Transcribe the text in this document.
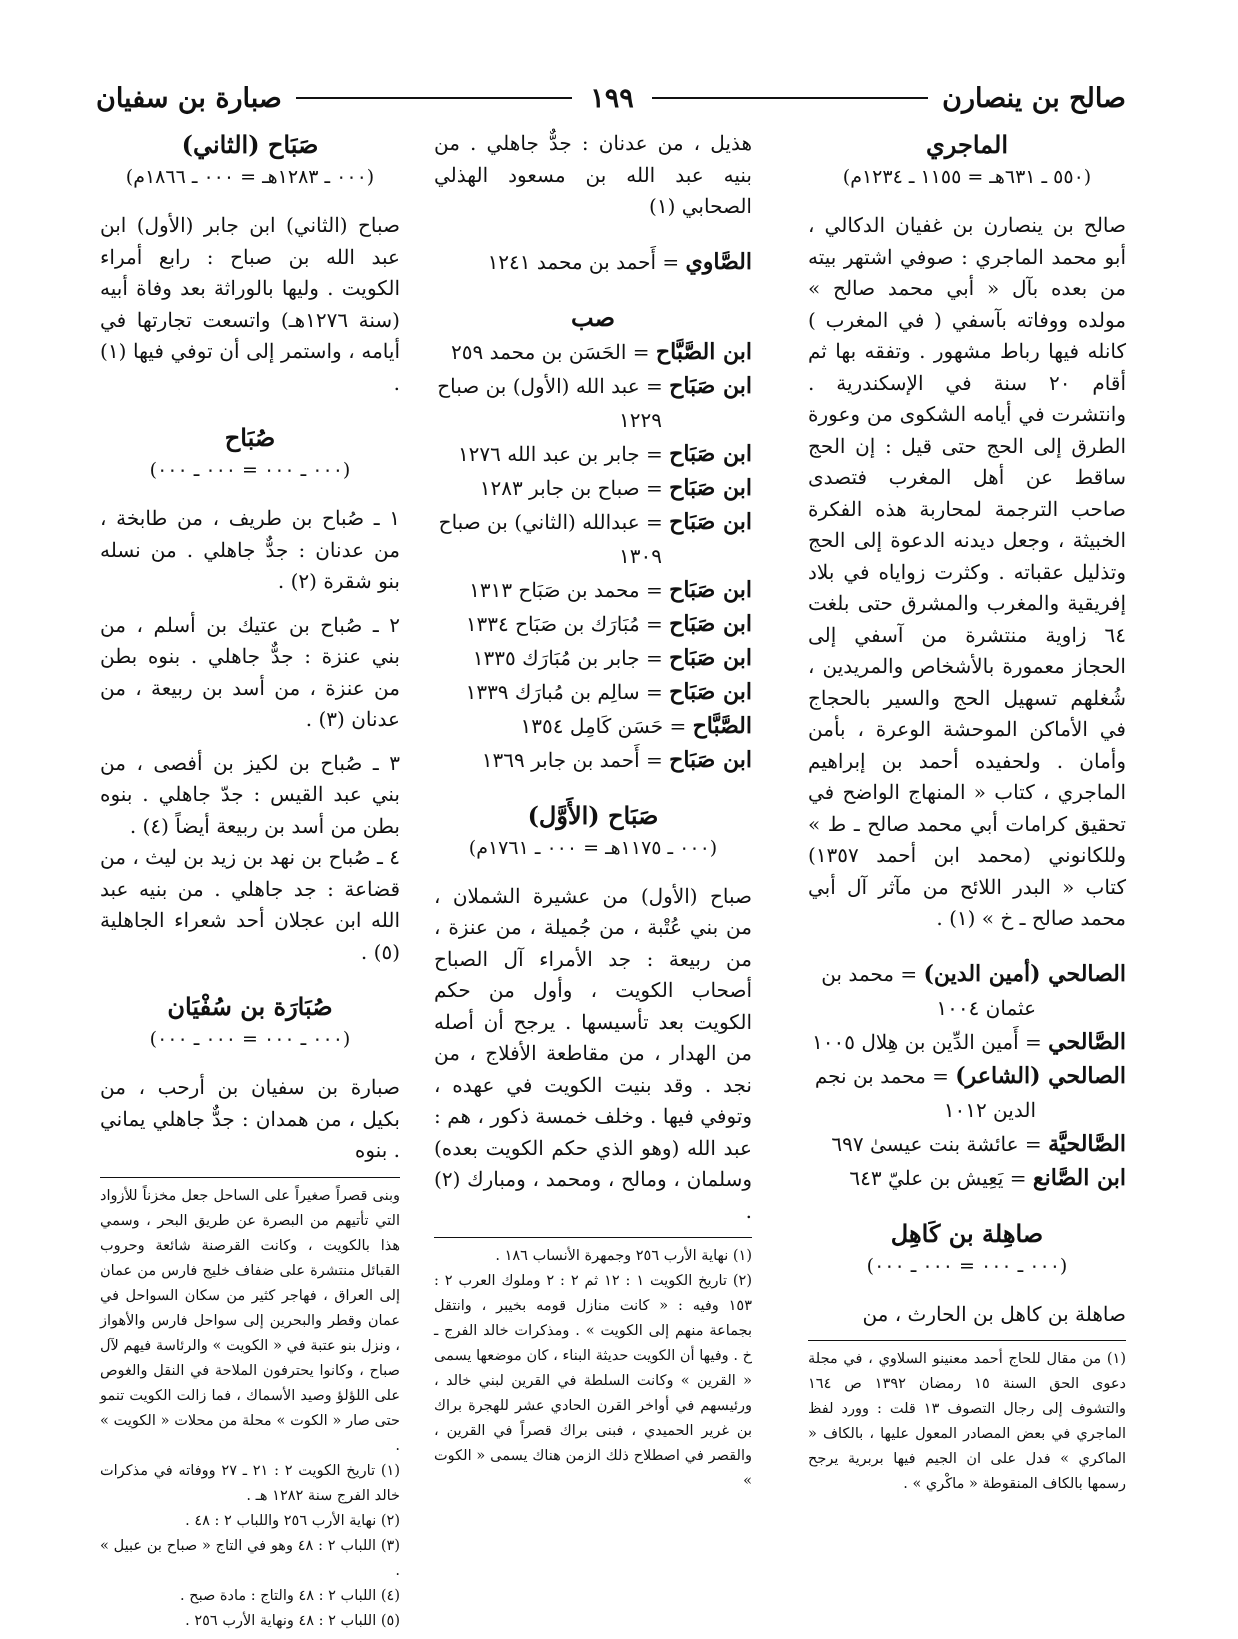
صالح بن ينصارن
١٩٩
صبارة بن سفيان

الماجري

(٥٥٠ ـ ٦٣١هـ = ١١٥٥ ـ ١٢٣٤م)

صالح بن ينصارن بن غفيان الدكالي ، أبو محمد الماجري : صوفي اشتهر بيته من بعده بآل « أبي محمد صالح » مولده ووفاته بآسفي ( في المغرب ) كانله فيها رباط مشهور . وتفقه بها ثم أقام ٢٠ سنة في الإسكندرية . وانتشرت في أيامه الشكوى من وعورة الطرق إلى الحج حتى قيل : إن الحج ساقط عن أهل المغرب فتصدى صاحب الترجمة لمحاربة هذه الفكرة الخبيثة ، وجعل ديدنه الدعوة إلى الحج وتذليل عقباته . وكثرت زواياه في بلاد إفريقية والمغرب والمشرق حتى بلغت ٦٤ زاوية منتشرة من آسفي إلى الحجاز معمورة بالأشخاص والمريدين ، شُغلهم تسهيل الحج والسير بالحجاج في الأماكن الموحشة الوعرة ، بأمن وأمان . ولحفيده أحمد بن إبراهيم الماجري ، كتاب « المنهاج الواضح في تحقيق كرامات أبي محمد صالح ـ ط » وللكانوني (محمد ابن أحمد ١٣٥٧) كتاب « البدر اللائح من مآثر آل أبي محمد صالح ـ خ » (١) .

الصالحي (أمين الدين) = محمد بن

عثمان ١٠٠٤

الصَّالحي = أَمين الدِّين بن هِلال ١٠٠٥

الصالحي (الشاعر) = محمد بن نجم

الدين ١٠١٢

الصَّالحيَّة = عائشة بنت عيسىٰ ٦٩٧

ابن الصَّانع = يَعِيش بن عليّ ٦٤٣

صاهِلة بن كَاهِل

(٠٠٠ ـ ٠٠٠ = ٠٠٠ ـ ٠٠٠)

صاهلة بن كاهل بن الحارث ، من

(١) من مقال للحاج أحمد معنينو السلاوي ، في مجلة دعوى الحق السنة ١٥ رمضان ١٣٩٢ ص ١٦٤ والتشوف إلى رجال التصوف ١٣ قلت : وورد لفظ الماجري في بعض المصادر المعول عليها ، بالكاف « الماكري » فدل على ان الجيم فيها بربرية يرجح رسمها بالكاف المنقوطة « ماكْري » .

هذيل ، من عدنان : جدٌّ جاهلي . من بنيه عبد الله بن مسعود الهذلي الصحابي (١)

الصَّاوي = أَحمد بن محمد ١٢٤١

صب

ابن الصَّبَّاح = الحَسَن بن محمد ٢٥٩

ابن صَبَاح = عبد الله (الأول) بن صباح

١٢٢٩

ابن صَبَاح = جابر بن عبد الله ١٢٧٦

ابن صَبَاح = صباح بن جابر ١٢٨٣

ابن صَبَاح = عبدالله (الثاني) بن صباح

١٣٠٩

ابن صَبَاح = محمد بن صَبَاح ١٣١٣

ابن صَبَاح = مُبَارَك بن صَبَاح ١٣٣٤

ابن صَبَاح = جابر بن مُبَارَك ١٣٣٥

ابن صَبَاح = سالِم بن مُبارَك ١٣٣٩

الصَّبَّاح = حَسَن كَامِل ١٣٥٤

ابن صَبَاح = أَحمد بن جابر ١٣٦٩

صَبَاح (الأَوَّل)

(٠٠٠ ـ ١١٧٥هـ = ٠٠٠ ـ ١٧٦١م)

صباح (الأول) من عشيرة الشملان ، من بني عُتْبة ، من جُميلة ، من عنزة ، من ربيعة : جد الأمراء آل الصباح أصحاب الكويت ، وأول من حكم الكويت بعد تأسيسها . يرجح أن أصله من الهدار ، من مقاطعة الأفلاج ، من نجد . وقد بنيت الكويت في عهده ، وتوفي فيها . وخلف خمسة ذكور ، هم : عبد الله (وهو الذي حكم الكويت بعده) وسلمان ، ومالح ، ومحمد ، ومبارك (٢) .

(١) نهاية الأرب ٢٥٦ وجمهرة الأنساب ١٨٦ .

(٢) تاريخ الكويت ١ : ١٢ ثم ٢ : ٢ وملوك العرب ٢ : ١٥٣ وفيه : « كانت منازل قومه بخيبر ، وانتقل بجماعة منهم إلى الكويت » . ومذكرات خالد الفرج ـ خ . وفيها أن الكويت حديثة البناء ، كان موضعها يسمى « القرين » وكانت السلطة في القرين لبني خالد ، ورئيسهم في أواخر القرن الحادي عشر للهجرة براك بن غرير الحميدي ، فبنى براك قصراً في القرين ، والقصر في اصطلاح ذلك الزمن هناك يسمى « الكوت »

صَبَاح (الثاني)

(٠٠٠ ـ ١٢٨٣هـ = ٠٠٠ ـ ١٨٦٦م)

صباح (الثاني) ابن جابر (الأول) ابن عبد الله بن صباح : رابع أمراء الكويت . وليها بالوراثة بعد وفاة أبيه (سنة ١٢٧٦هـ) واتسعت تجارتها في أيامه ، واستمر إلى أن توفي فيها (١) .

صُبَاح

(٠٠٠ ـ ٠٠٠ = ٠٠٠ ـ ٠٠٠)

١ ـ صُباح بن طريف ، من طابخة ، من عدنان : جدٌّ جاهلي . من نسله بنو شقرة (٢) .

٢ ـ صُباح بن عتيك بن أسلم ، من بني عنزة : جدٌّ جاهلي . بنوه بطن من عنزة ، من أسد بن ربيعة ، من عدنان (٣) .

٣ ـ صُباح بن لكيز بن أفصى ، من بني عبد القيس : جدّ جاهلي . بنوه بطن من أسد بن ربيعة أيضاً (٤) .

٤ ـ صُباح بن نهد بن زيد بن ليث ، من قضاعة : جد جاهلي . من بنيه عبد الله ابن عجلان أحد شعراء الجاهلية (٥) .

صُبَارَة بن سُفْيَان

(٠٠٠ ـ ٠٠٠ = ٠٠٠ ـ ٠٠٠)

صبارة بن سفيان بن أرحب ، من بكيل ، من همدان : جدٌّ جاهلي يماني . بنوه

وبنى قصراً صغيراً على الساحل جعل مخزناً للأزواد التي تأتيهم من البصرة عن طريق البحر ، وسمي هذا بالكويت ، وكانت القرصنة شائعة وحروب القبائل منتشرة على ضفاف خليج فارس من عمان إلى العراق ، فهاجر كثير من سكان السواحل في عمان وقطر والبحرين إلى سواحل فارس والأهواز ، ونزل بنو عتبة في « الكويت » والرئاسة فيهم لآل صباح ، وكانوا يحترفون الملاحة في النقل والغوص على اللؤلؤ وصيد الأسماك ، فما زالت الكويت تنمو حتى صار « الكوت » محلة من محلات « الكويت » .

(١) تاريخ الكويت ٢ : ٢١ ـ ٢٧ ووفاته في مذكرات خالد الفرج سنة ١٢٨٢ هـ .

(٢) نهاية الأرب ٢٥٦ واللباب ٢ : ٤٨ .

(٣) اللباب ٢ : ٤٨ وهو في التاج « صباح بن عبيل » .

(٤) اللباب ٢ : ٤٨ والتاج : مادة صبح .

(٥) اللباب ٢ : ٤٨ ونهاية الأرب ٢٥٦ .
